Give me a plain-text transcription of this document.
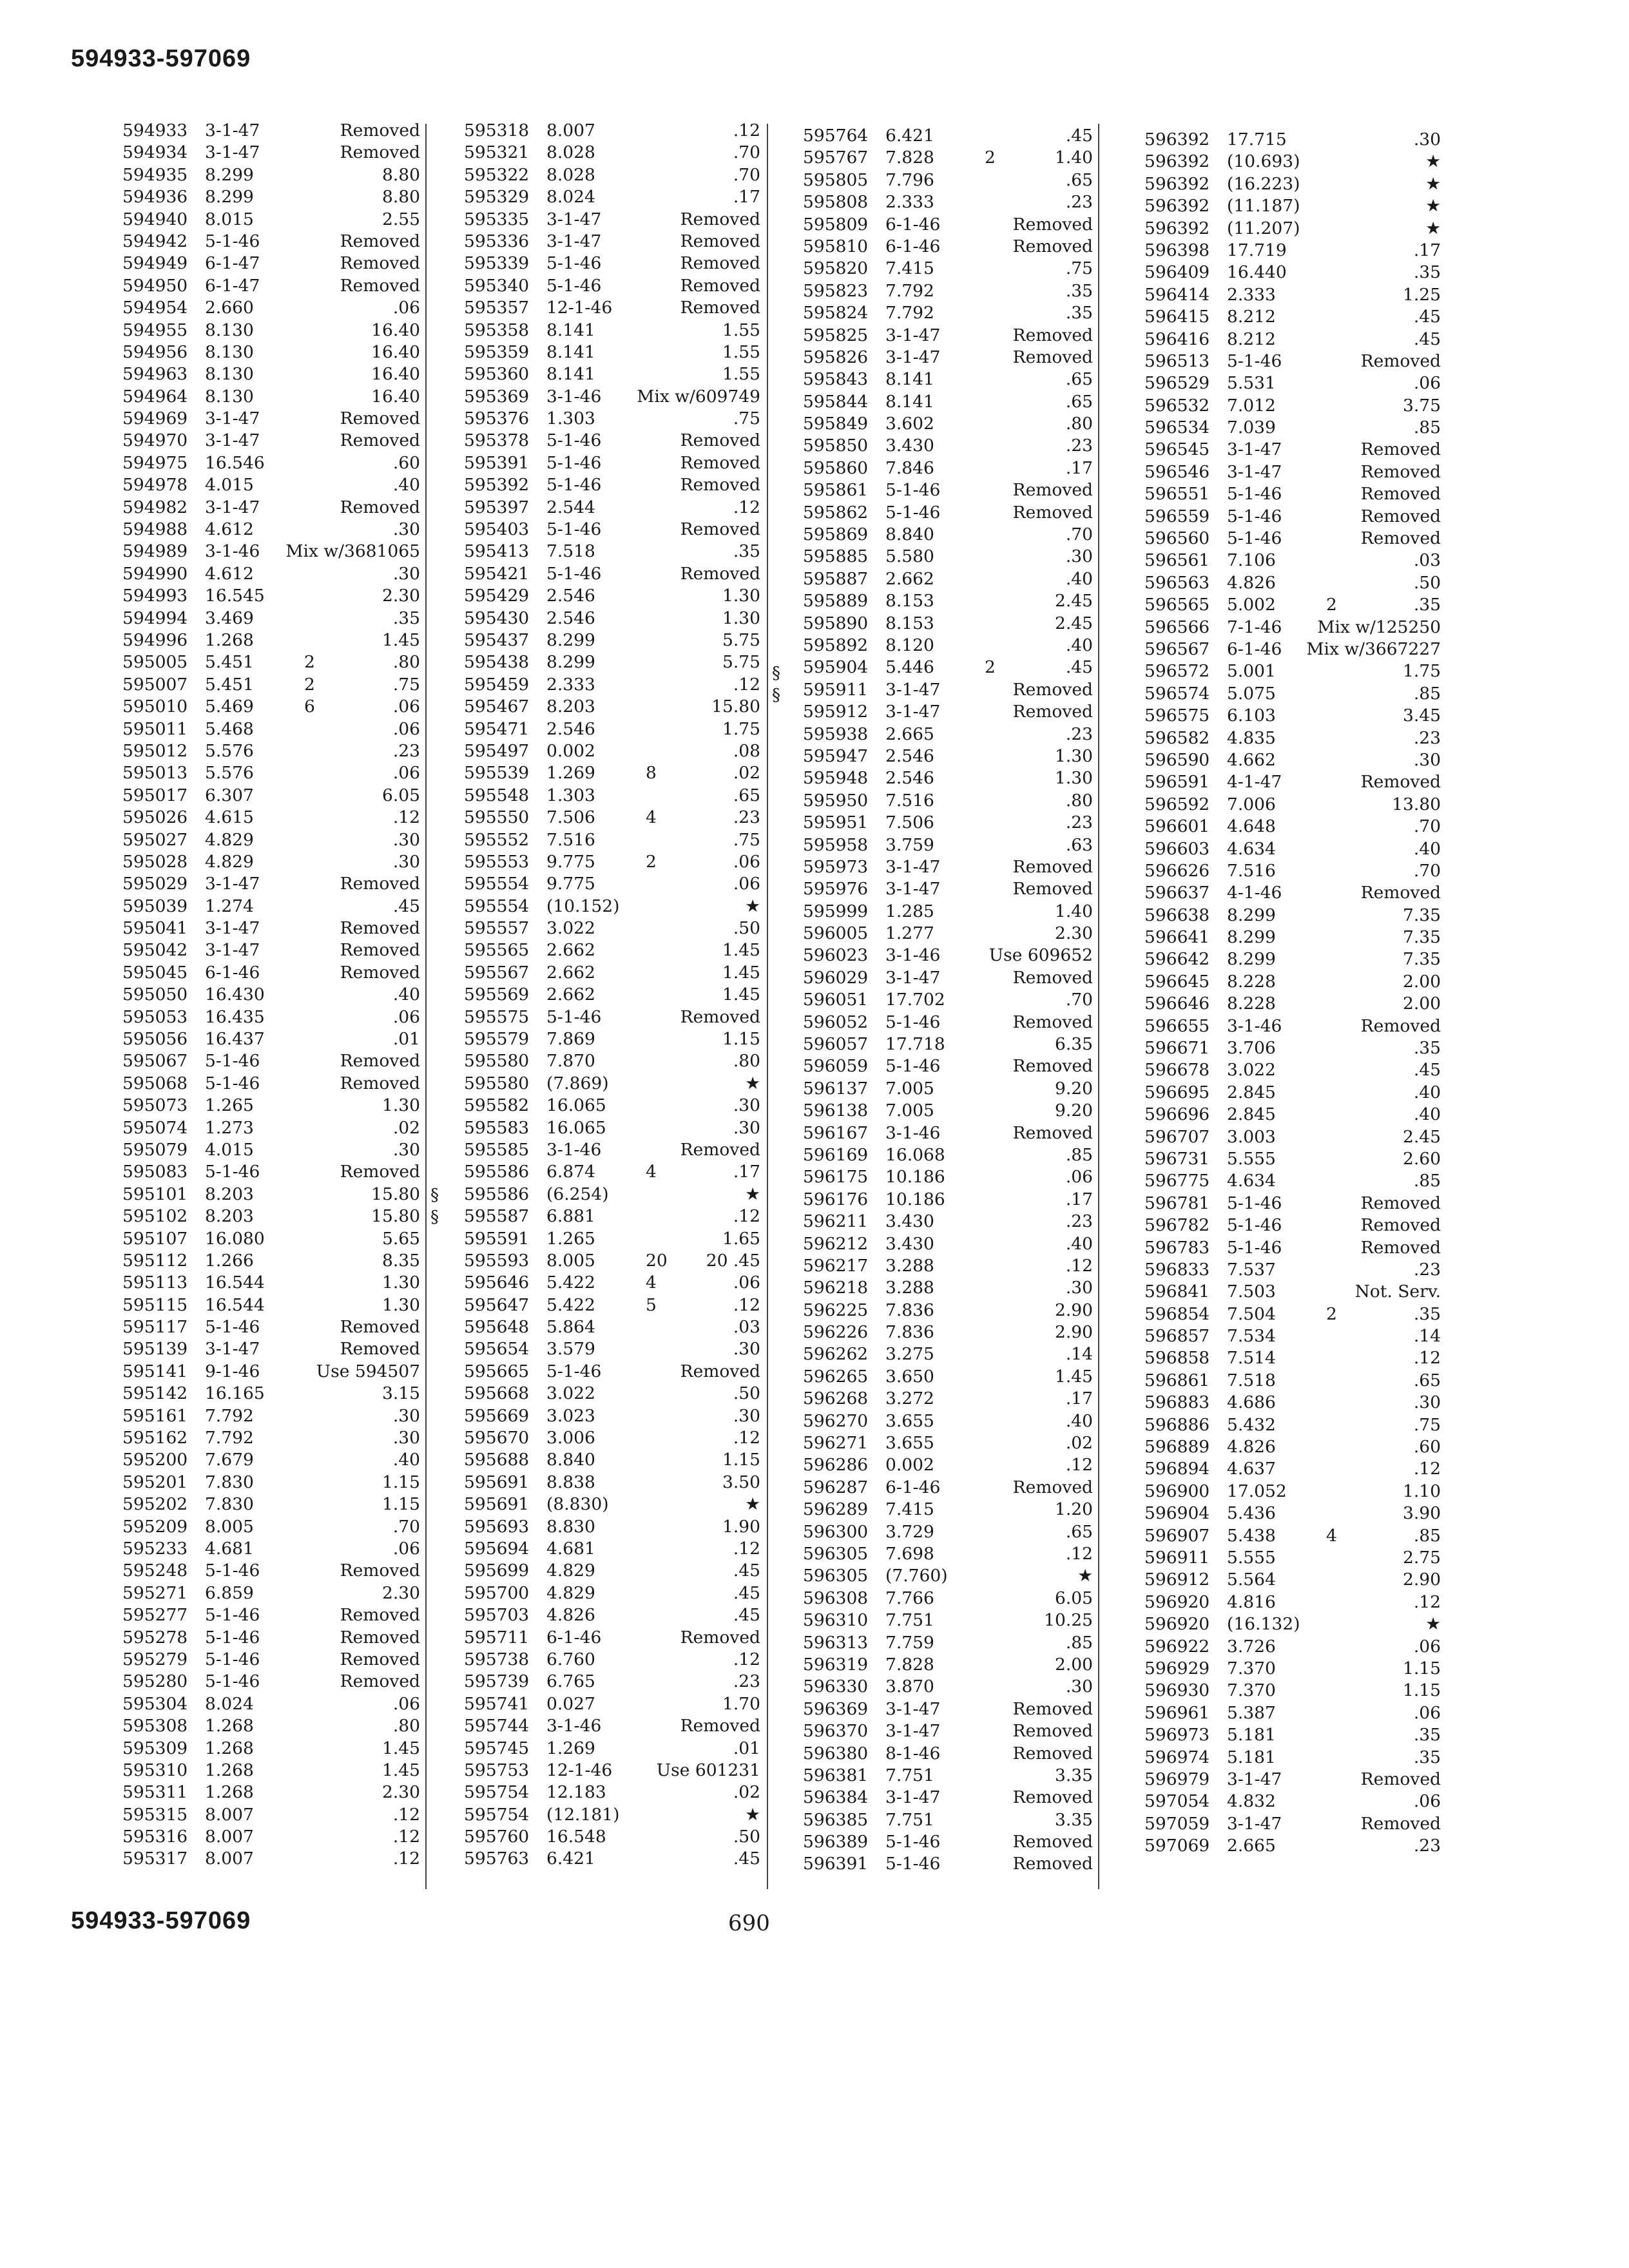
594933-597069
594933 3-1-47	Removed
594934 3-1-47	Removed
594935 8.299	8.80
594936 8.299	8.80
594940 8.015	2.55
594942 5-1-46	Removed
594949 6-1-47	Removed
594950 6-1-47	Removed
594954 2.660	.06
594955 8.130	16.40
594956 8.130	16.40
594963 8.130	16.40
594964 8.130	16.40
594969 3-1-47	Removed
594970 3-1-47	Removed
594975 16.546	.60
594978 4.015	.40
594982 3-1-47	Removed
594988 4.612	.30
594989 3-1-46 Mix w/3681065
594990 4.612	.30
594993 16.545	2.30
594994 3.469	.35
594996 1.268	1.45
595005 5.451	2	.80
595007 5.451	2	.75
595010 5.469	6	.06
595011 5.468	.06
595012 5.576	.23
595013 5.576	.06
595017 6.307	6.05
595026 4.615	.12
595027 4.829	.30
595028 4.829	.30
595029 3-1-47	Removed
595039 1.274	.45
595041 3-1-47	Removed
595042 3-1-47	Removed
595045 6-1-46	Removed
595050 16.430	.40
595053 16.435	.06
595056 16.437	.01
595067 5-1-46	Removed
595068 5-1-46	Removed
595073 1.265	1.30
595074 1.273	.02
595079 4.015	.30
595083 5-1-46	Removed
595101 8.203	15.80
595102 8.203	15.80
595107 16.080	5.65
595112 1.266	8.35
595113 16.544	1.30
595115 16.544	1.30
595117 5-1-46	Removed
595139 3-1-47	Removed
595141 9-1-46	Use 594507
595142 16.165	3.15
595161 7.792	.30
595162 7.792	.30
595200 7.679	.40
595201 7.830	1.15
595202 7.830	1.15
595209 8.005	.70
595233 4.681	.06
595248 5-1-46	Removed
595271 6.859	2.30
595277 5-1-46	Removed
595278 5-1-46	Removed
595279 5-1-46	Removed
595280 5-1-46	Removed
595304 8.024	.06
595308 1.268	.80
595309 1.268	1.45
595310 1.268	1.45
595311 1.268	2.30
595315 8.007	.12
595316 8.007	.12
595317 8.007	.12
595318 8.007	.12
595321 8.028	.70
595322 8.028	.70
595329 8.024	.17
595335 3-1-47	Removed
595336 3-1-47	Removed
595339 5-1-46	Removed
595340 5-1-46	Removed
595357 12-1-46	Removed
595358 8.141	1.55
595359 8.141	1.55
595360 8.141	1.55
595369 3-1-46 Mix w/609749
595376 1.303	.75
595378 5-1-46	Removed
595391 5-1-46	Removed
595392 5-1-46	Removed
595397 2.544	.12
595403 5-1-46	Removed
595413 7.518	.35
595421 5-1-46	Removed
595429 2.546	1.30
595430 2.546	1.30
595437 8.299	5.75
595438 8.299	5.75
595459 2.333	.12
595467 8.203	15.80
595471 2.546	1.75
595497 0.002	.08
595539 1.269	8	.02
595548 1.303	.65
595550 7.506	4	.23
595552 7.516	.75
595553 9.775	2	.06
595554 9.775	.06
595554 (10.152)	★
595557 3.022	.50
595565 2.662	1.45
595567 2.662	1.45
595569 2.662	1.45
595575 5-1-46	Removed
595579 7.869	1.15
595580 7.870	.80
595580 (7.869)	★
595582 16.065	.30
595583 16.065	.30
595585 3-1-46	Removed
595586 6.874	4	.17
595586 (6.254)	★
595587 6.881	.12
595591 1.265	1.65
595593 8.005	20 20 .45
595646 5.422	4	.06
595647 5.422	5	.12
595648 5.864	.03
595654 3.579	.30
595665 5-1-46	Removed
595668 3.022	.50
595669 3.023	.30
595670 3.006	.12
595688 8.840	1.15
595691 8.838	3.50
595691 (8.830)	★
595693 8.830	1.90
595694 4.681	.12
595699 4.829	.45
595700 4.829	.45
595703 4.826	.45
595711 6-1-46	Removed
595738 6.760	.12
595739 6.765	.23
595741 0.027	1.70
595744 3-1-46	Removed
595745 1.269	.01
595753 12-1-46	Use 601231
595754 12.183	.02
595754 (12.181)	★
595760 16.548	.50
595763 6.421	.45
595764 6.421	.45
595767 7.828	2	1.40
595805 7.796	.65
595808 2.333	.23
595809 6-1-46	Removed
595810 6-1-46	Removed
595820 7.415	.75
595823 7.792	.35
595824 7.792	.35
595825 3-1-47	Removed
595826 3-1-47	Removed
595843 8.141	.65
595844 8.141	.65
595849 3.602	.80
595850 3.430	.23
595860 7.846	.17
595861 5-1-46	Removed
595862 5-1-46	Removed
595869 8.840	.70
595885 5.580	.30
595887 2.662	.40
595889 8.153	2.45
595890 8.153	2.45
595892 8.120	.40
595904 5.446	2	.45
595911 3-1-47	Removed
595912 3-1-47	Removed
595938 2.665	.23
595947 2.546	1.30
595948 2.546	1.30
595950 7.516	.80
595951 7.506	.23
595958 3.759	.63
595973 3-1-47	Removed
595976 3-1-47	Removed
595999 1.285	1.40
596005 1.277	2.30
596023 3-1-46	Use 609652
596029 3-1-47	Removed
596051 17.702	.70
596052 5-1-46	Removed
596057 17.718	6.35
596059 5-1-46	Removed
596137 7.005	9.20
596138 7.005	9.20
596167 3-1-46	Removed
596169 16.068	.85
596175 10.186	.06
596176 10.186	.17
596211 3.430	.23
596212 3.430	.40
596217 3.288	.12
596218 3.288	.30
596225 7.836	2.90
596226 7.836	2.90
596262 3.275	.14
596265 3.650	1.45
596268 3.272	.17
596270 3.655	.40
596271 3.655	.02
596286 0.002	.12
596287 6-1-46	Removed
596289 7.415	1.20
596300 3.729	.65
596305 7.698	.12
596305 (7.760)	★
596308 7.766	6.05
596310 7.751	10.25
596313 7.759	.85
596319 7.828	2.00
596330 3.870	.30
596369 3-1-47	Removed
596370 3-1-47	Removed
596380 8-1-46	Removed
596381 7.751	3.35
596384 3-1-47	Removed
596385 7.751	3.35
596389 5-1-46	Removed
596391 5-1-46	Removed
596392 17.715	.30
596392 (10.693)	★
596392 (16.223)	★
596392 (11.187)	★
596392 (11.207)	★
596398 17.719	.17
596409 16.440	.35
596414 2.333	1.25
596415 8.212	.45
596416 8.212	.45
596513 5-1-46	Removed
596529 5.531	.06
596532 7.012	3.75
596534 7.039	.85
596545 3-1-47	Removed
596546 3-1-47	Removed
596551 5-1-46	Removed
596559 5-1-46	Removed
596560 5-1-46	Removed
596561 7.106	.03
596563 4.826	.50
596565 5.002	2	.35
596566 7-1-46 Mix w/125250
596567 6-1-46 Mix w/3667227
596572 5.001	1.75
596574 5.075	.85
596575 6.103	3.45
596582 4.835	.23
596590 4.662	.30
596591 4-1-47	Removed
596592 7.006	13.80
596601 4.648	.70
596603 4.634	.40
596626 7.516	.70
596637 4-1-46	Removed
596638 8.299	7.35
596641 8.299	7.35
596642 8.299	7.35
596645 8.228	2.00
596646 8.228	2.00
596655 3-1-46	Removed
596671 3.706	.35
596678 3.022	.45
596695 2.845	.40
596696 2.845	.40
596707 3.003	2.45
596731 5.555	2.60
596775 4.634	.85
596781 5-1-46	Removed
596782 5-1-46	Removed
596783 5-1-46	Removed
596833 7.537	.23
596841 7.503	Not. Serv.
596854 7.504	2	.35
596857 7.534	.14
596858 7.514	.12
596861 7.518	.65
596883 4.686	.30
596886 5.432	.75
596889 4.826	.60
596894 4.637	.12
596900 17.052	1.10
596904 5.436	3.90
596907 5.438	4	.85
596911 5.555	2.75
596912 5.564	2.90
596920 4.816	.12
596920 (16.132)	★
596922 3.726	.06
596929 7.370	1.15
596930 7.370	1.15
596961 5.387	.06
596973 5.181	.35
596974 5.181	.35
596979 3-1-47	Removed
597054 4.832	.06
597059 3-1-47	Removed
597069 2.665	.23
§
§
§
§
594933-597069	690
